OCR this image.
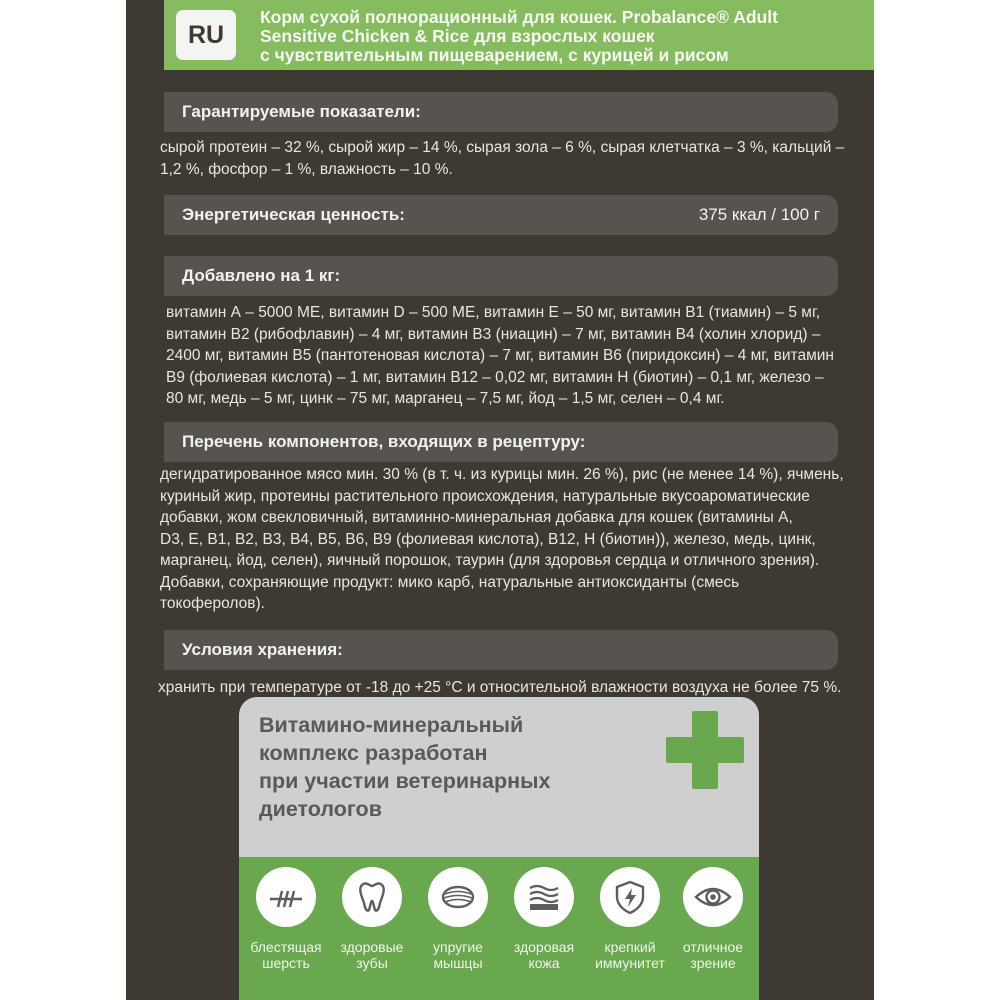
RU
Корм сухой полнорационный для кошек. Probalance® Adult
Sensitive Chicken & Rice для взрослых кошек
с чувствительным пищеварением, с курицей и рисом
Гарантируемые показатели:
сырой протеин – 32 %, сырой жир – 14 %, сырая зола – 6 %, сырая клетчатка – 3 %, кальций –
1,2 %, фосфор – 1 %, влажность – 10 %.
Энергетическая ценность:	375 ккал / 100 г
Добавлено на 1 кг:
витамин А – 5000 МЕ, витамин D – 500 МЕ, витамин Е – 50 мг, витамин В1 (тиамин) – 5 мг,
витамин В2 (рибофлавин) – 4 мг, витамин В3 (ниацин) – 7 мг, витамин В4 (холин хлорид) –
2400 мг, витамин В5 (пантотеновая кислота) – 7 мг, витамин В6 (пиридоксин) – 4 мг, витамин
В9 (фолиевая кислота) – 1 мг, витамин В12 – 0,02 мг, витамин Н (биотин) – 0,1 мг, железо –
80 мг, медь – 5 мг, цинк – 75 мг, марганец – 7,5 мг, йод – 1,5 мг, селен – 0,4 мг.
Перечень компонентов, входящих в рецептуру:
дегидратированное мясо мин. 30 % (в т. ч. из курицы мин. 26 %), рис (не менее 14 %), ячмень,
куриный жир, протеины растительного происхождения, натуральные вкусоароматические
добавки, жом свекловичный, витаминно-минеральная добавка для кошек (витамины А,
D3, Е, В1, В2, В3, В4, В5, В6, В9 (фолиевая кислота), В12, Н (биотин)), железо, медь, цинк,
марганец, йод, селен), яичный порошок, таурин (для здоровья сердца и отличного зрения).
Добавки, сохраняющие продукт: мико карб, натуральные антиоксиданты (смесь
токоферолов).
Условия хранения:
хранить при температуре от -18 до +25 °С и относительной влажности воздуха не более 75 %.
Витамино-минеральный
комплекс разработан
при участии ветеринарных
диетологов
блестящая
шерсть
здоровые
зубы
упругие
мышцы
здоровая
кожа
крепкий
иммунитет
отличное
зрение
